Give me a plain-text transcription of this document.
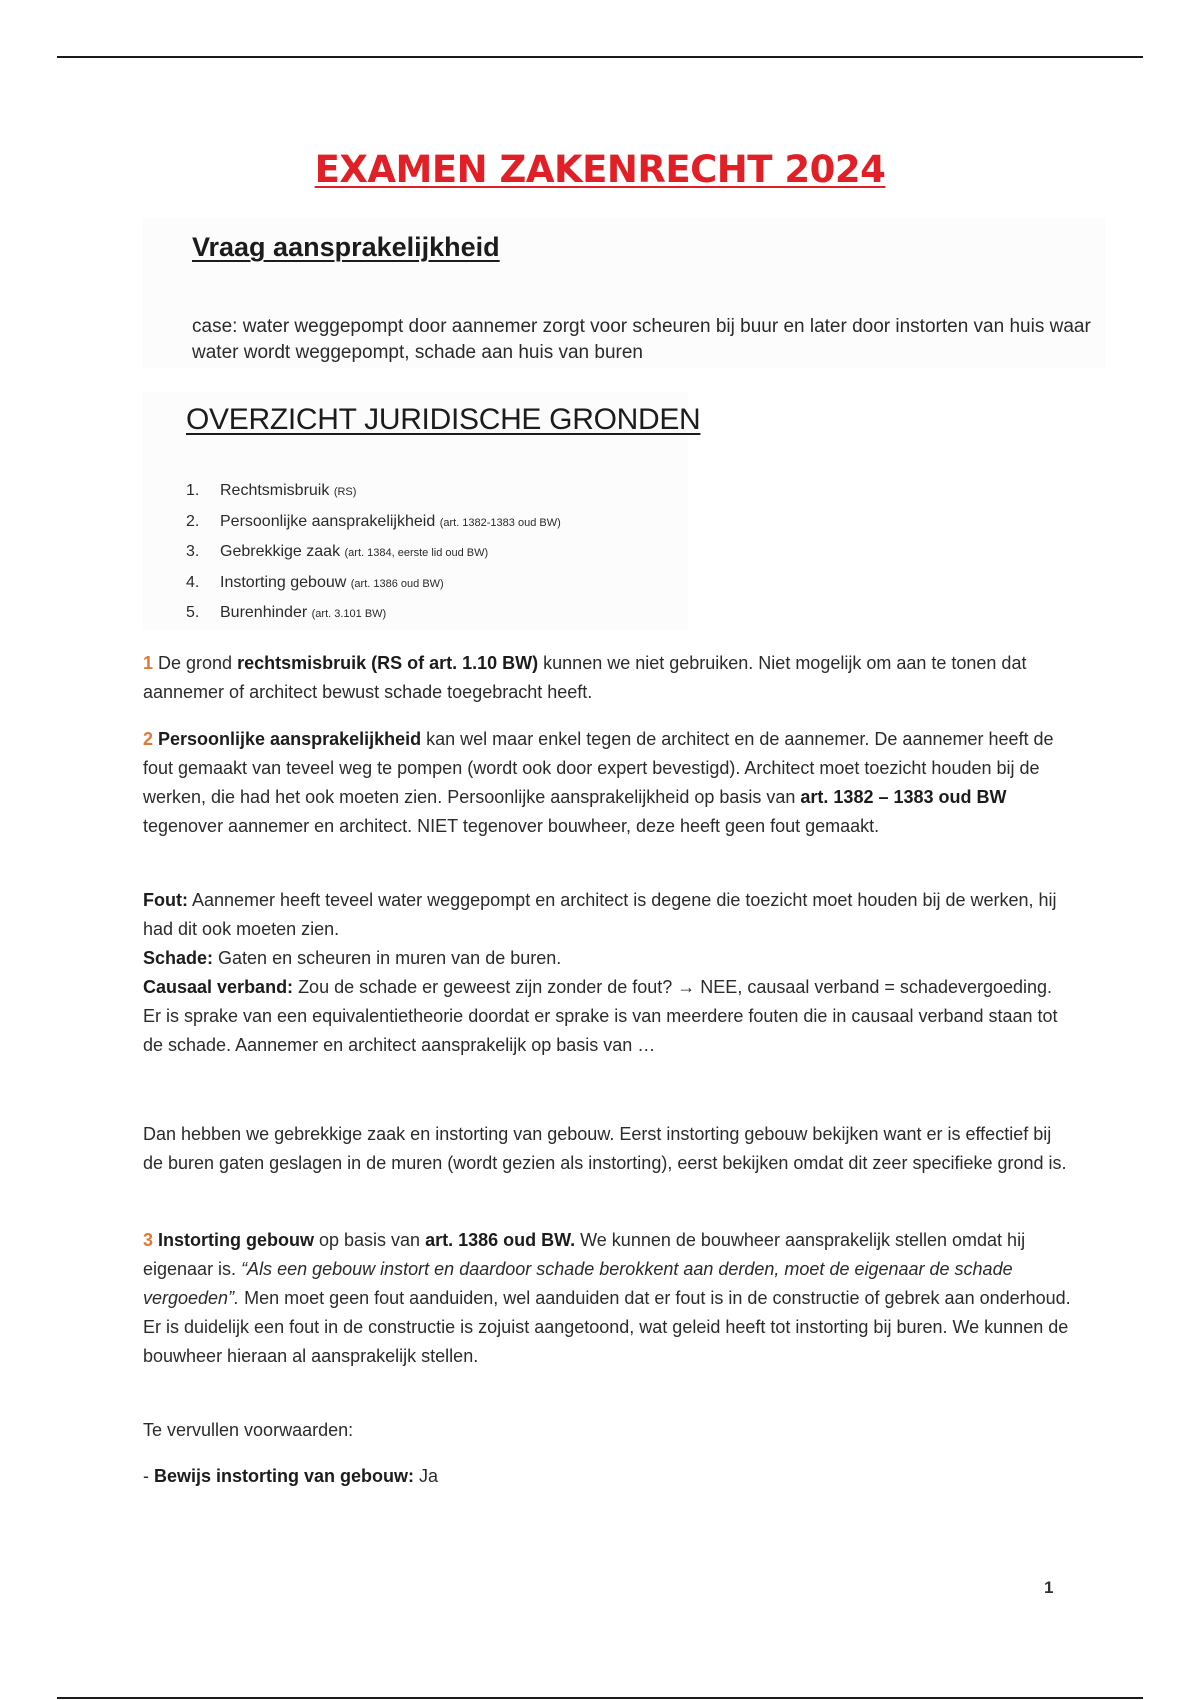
EXAMEN ZAKENRECHT 2024
Vraag aansprakelijkheid
case: water weggepompt door aannemer zorgt voor scheuren bij buur en later door instorten van huis waar water wordt weggepompt, schade aan huis van buren
OVERZICHT JURIDISCHE GRONDEN
1. Rechtsmisbruik (RS)
2. Persoonlijke aansprakelijkheid (art. 1382-1383 oud BW)
3. Gebrekkige zaak (art. 1384, eerste lid oud BW)
4. Instorting gebouw (art. 1386 oud BW)
5. Burenhinder (art. 3.101 BW)

1 De grond rechtsmisbruik (RS of art. 1.10 BW) kunnen we niet gebruiken. Niet mogelijk om aan te tonen dat aannemer of architect bewust schade toegebracht heeft.

2 Persoonlijke aansprakelijkheid kan wel maar enkel tegen de architect en de aannemer. De aannemer heeft de fout gemaakt van teveel weg te pompen (wordt ook door expert bevestigd). Architect moet toezicht houden bij de werken, die had het ook moeten zien. Persoonlijke aansprakelijkheid op basis van art. 1382 – 1383 oud BW tegenover aannemer en architect. NIET tegenover bouwheer, deze heeft geen fout gemaakt.

Fout: Aannemer heeft teveel water weggepompt en architect is degene die toezicht moet houden bij de werken, hij had dit ook moeten zien.
Schade: Gaten en scheuren in muren van de buren.
Causaal verband: Zou de schade er geweest zijn zonder de fout? → NEE, causaal verband = schadevergoeding. Er is sprake van een equivalentietheorie doordat er sprake is van meerdere fouten die in causaal verband staan tot de schade. Aannemer en architect aansprakelijk op basis van …

Dan hebben we gebrekkige zaak en instorting van gebouw. Eerst instorting gebouw bekijken want er is effectief bij de buren gaten geslagen in de muren (wordt gezien als instorting), eerst bekijken omdat dit zeer specifieke grond is.

3 Instorting gebouw op basis van art. 1386 oud BW. We kunnen de bouwheer aansprakelijk stellen omdat hij eigenaar is. “Als een gebouw instort en daardoor schade berokkent aan derden, moet de eigenaar de schade vergoeden”. Men moet geen fout aanduiden, wel aanduiden dat er fout is in de constructie of gebrek aan onderhoud. Er is duidelijk een fout in de constructie is zojuist aangetoond, wat geleid heeft tot instorting bij buren. We kunnen de bouwheer hieraan al aansprakelijk stellen.

Te vervullen voorwaarden:

- Bewijs instorting van gebouw: Ja

1
